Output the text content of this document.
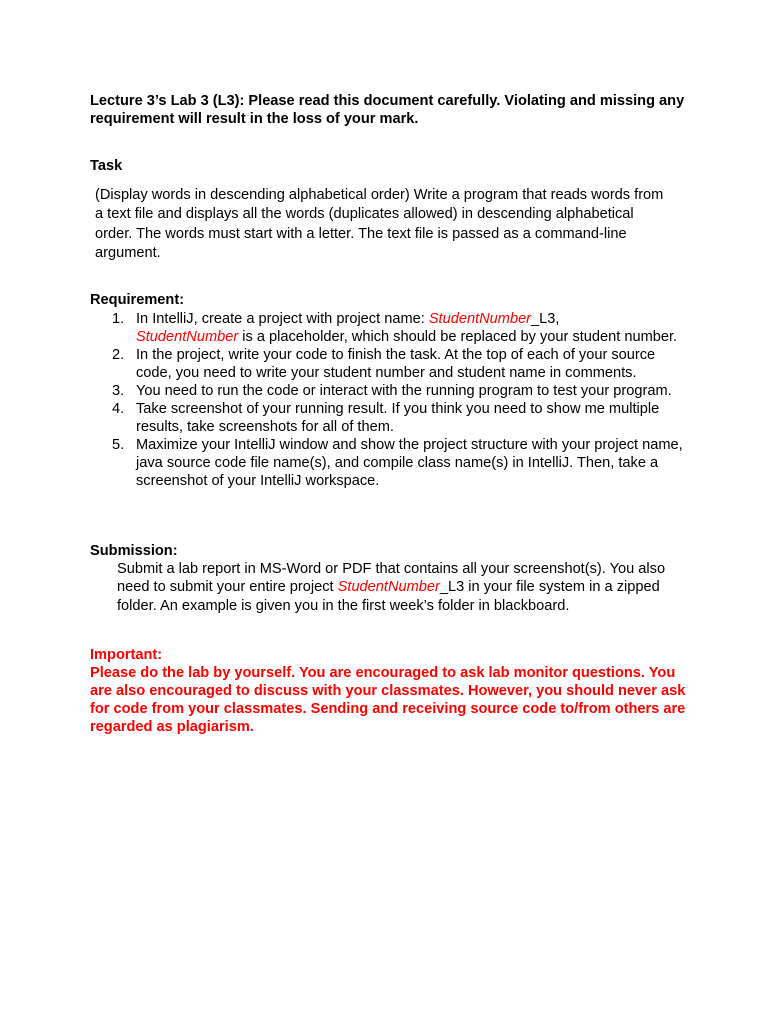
Lecture 3’s Lab 3 (L3): Please read this document carefully. Violating and missing any requirement will result in the loss of your mark.
Task
(Display words in descending alphabetical order) Write a program that reads words from a text file and displays all the words (duplicates allowed) in descending alphabetical order. The words must start with a letter. The text file is passed as a command-line argument.
Requirement:
1. In IntelliJ, create a project with project name: StudentNumber_L3,
StudentNumber is a placeholder, which should be replaced by your student number.
2. In the project, write your code to finish the task. At the top of each of your source code, you need to write your student number and student name in comments.
3. You need to run the code or interact with the running program to test your program.
4. Take screenshot of your running result. If you think you need to show me multiple results, take screenshots for all of them.
5. Maximize your IntelliJ window and show the project structure with your project name, java source code file name(s), and compile class name(s) in IntelliJ. Then, take a screenshot of your IntelliJ workspace.
Submission:
Submit a lab report in MS-Word or PDF that contains all your screenshot(s). You also need to submit your entire project StudentNumber_L3 in your file system in a zipped folder. An example is given you in the first week’s folder in blackboard.
Important:
Please do the lab by yourself. You are encouraged to ask lab monitor questions. You are also encouraged to discuss with your classmates. However, you should never ask for code from your classmates. Sending and receiving source code to/from others are regarded as plagiarism.
